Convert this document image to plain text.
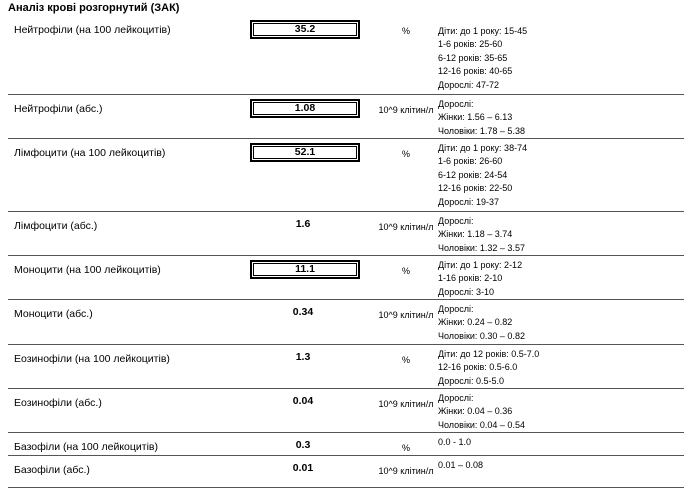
Аналіз крові розгорнутий (ЗАК)
Нейтрофіли (на 100 лейкоцитів)	35.2	%	Діти: до 1 року: 15-45
1-6 років: 25-60
6-12 років: 35-65
12-16 років: 40-65
Дорослі: 47-72
Нейтрофіли (абс.)	1.08	10^9 клітин/л
Дорослі:
Жінки: 1.56 – 6.13
Чоловіки: 1.78 – 5.38
Лімфоцити (на 100 лейкоцитів)	52.1	%
Діти: до 1 року: 38-74
1-6 років: 26-60
6-12 років: 24-54
12-16 років: 22-50
Дорослі: 19-37
Лімфоцити (абс.)	1.6	10^9 клітин/л
Дорослі:
Жінки: 1.18 – 3.74
Чоловіки: 1.32 – 3.57
Моноцити (на 100 лейкоцитів)	11.1	%
Діти: до 1 року: 2-12
1-16 років: 2-10
Дорослі: 3-10
Моноцити (абс.)	0.34	10^9 клітин/л
Дорослі:
Жінки: 0.24 – 0.82
Чоловіки: 0.30 – 0.82
Еозинофіли (на 100 лейкоцитів)	1.3	%
Діти: до 12 років: 0.5-7.0
12-16 років: 0.5-6.0
Дорослі: 0.5-5.0
Еозинофіли (абс.)	0.04	10^9 клітин/л
Дорослі:
Жінки: 0.04 – 0.36
Чоловіки: 0.04 – 0.54
Базофіли (на 100 лейкоцитів)	0.3	%
0.0 - 1.0
Базофіли (абс.)	0.01	10^9 клітин/л
0.01 – 0.08
